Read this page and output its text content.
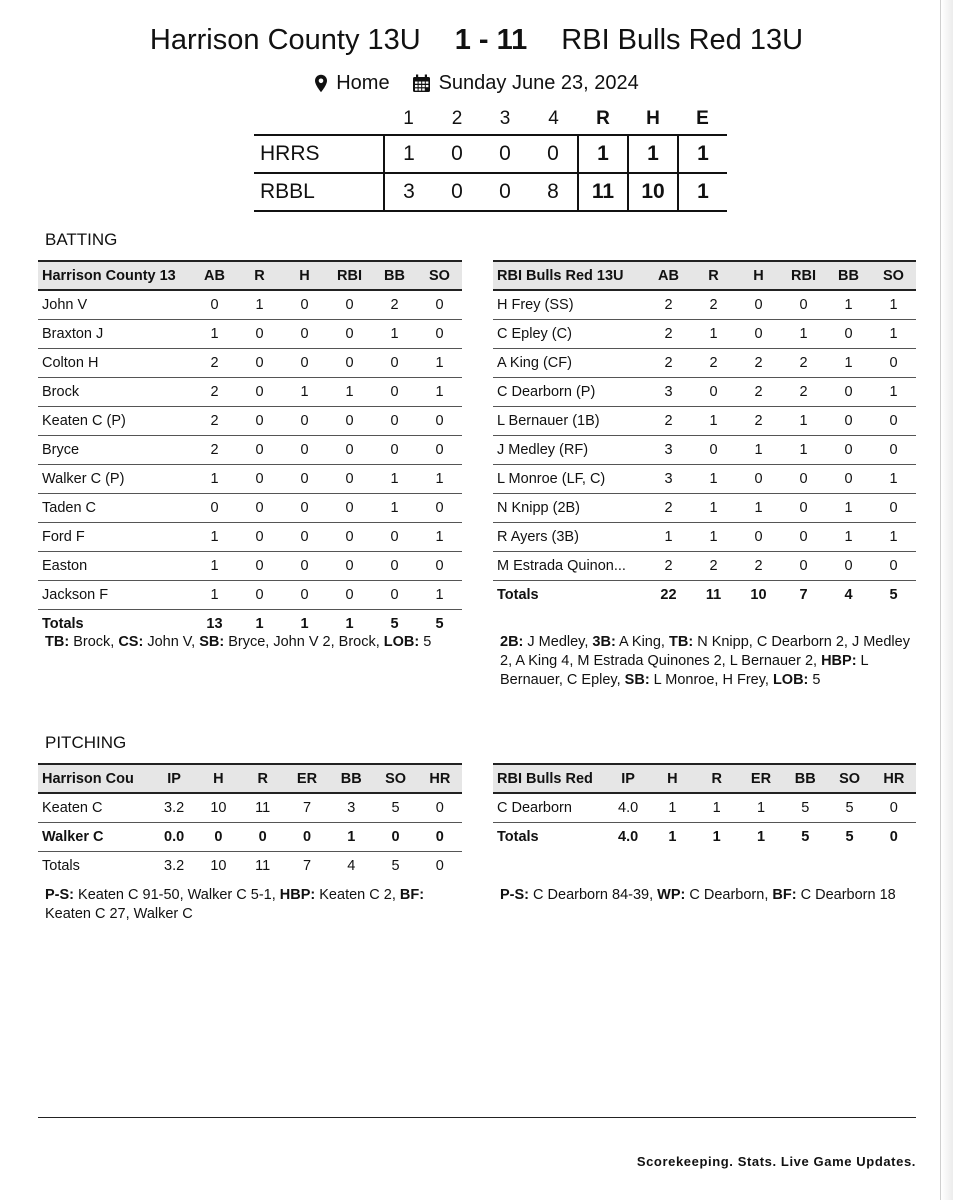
Harrison County 13U 1 - 11 RBI Bulls Red 13U
Home Sunday June 23, 2024
	1	2	3	4	R	H	E
HRRS	1	0	0	0	1	1	1
RBBL	3	0	0	8	11	10	1
BATTING
Harrison County 13	AB	R	H	RBI	BB	SO
John V	0	1	0	0	2	0
Braxton J	1	0	0	0	1	0
Colton H	2	0	0	0	0	1
Brock	2	0	1	1	0	1
Keaten C (P)	2	0	0	0	0	0
Bryce	2	0	0	0	0	0
Walker C (P)	1	0	0	0	1	1
Taden C	0	0	0	0	1	0
Ford F	1	0	0	0	0	1
Easton	1	0	0	0	0	0
Jackson F	1	0	0	0	0	1
Totals	13	1	1	1	5	5
RBI Bulls Red 13U	AB	R	H	RBI	BB	SO
H Frey (SS)	2	2	0	0	1	1
C Epley (C)	2	1	0	1	0	1
A King (CF)	2	2	2	2	1	0
C Dearborn (P)	3	0	2	2	0	1
L Bernauer (1B)	2	1	2	1	0	0
J Medley (RF)	3	0	1	1	0	0
L Monroe (LF, C)	3	1	0	0	0	1
N Knipp (2B)	2	1	1	0	1	0
R Ayers (3B)	1	1	0	0	1	1
M Estrada Quinon...	2	2	2	0	0	0
Totals	22	11	10	7	4	5
TB: Brock, CS: John V, SB: Bryce, John V 2, Brock, LOB: 5	2B: J Medley, 3B: A King, TB: N Knipp, C Dearborn 2, J Medley 2, A King 4, M Estrada Quinones 2, L Bernauer 2, HBP: L Bernauer, C Epley, SB: L Monroe, H Frey, LOB: 5
PITCHING
Harrison Cou	IP	H	R	ER	BB	SO	HR
Keaten C	3.2	10	11	7	3	5	0
Walker C	0.0	0	0	0	1	0	0
Totals	3.2	10	11	7	4	5	0
RBI Bulls Red	IP	H	R	ER	BB	SO	HR
C Dearborn	4.0	1	1	1	5	5	0
Totals	4.0	1	1	1	5	5	0
P-S: Keaten C 91-50, Walker C 5-1, HBP: Keaten C 2, BF: Keaten C 27, Walker C
P-S: C Dearborn 84-39, WP: C Dearborn, BF: C Dearborn 18
Scorekeeping. Stats. Live Game Updates.
